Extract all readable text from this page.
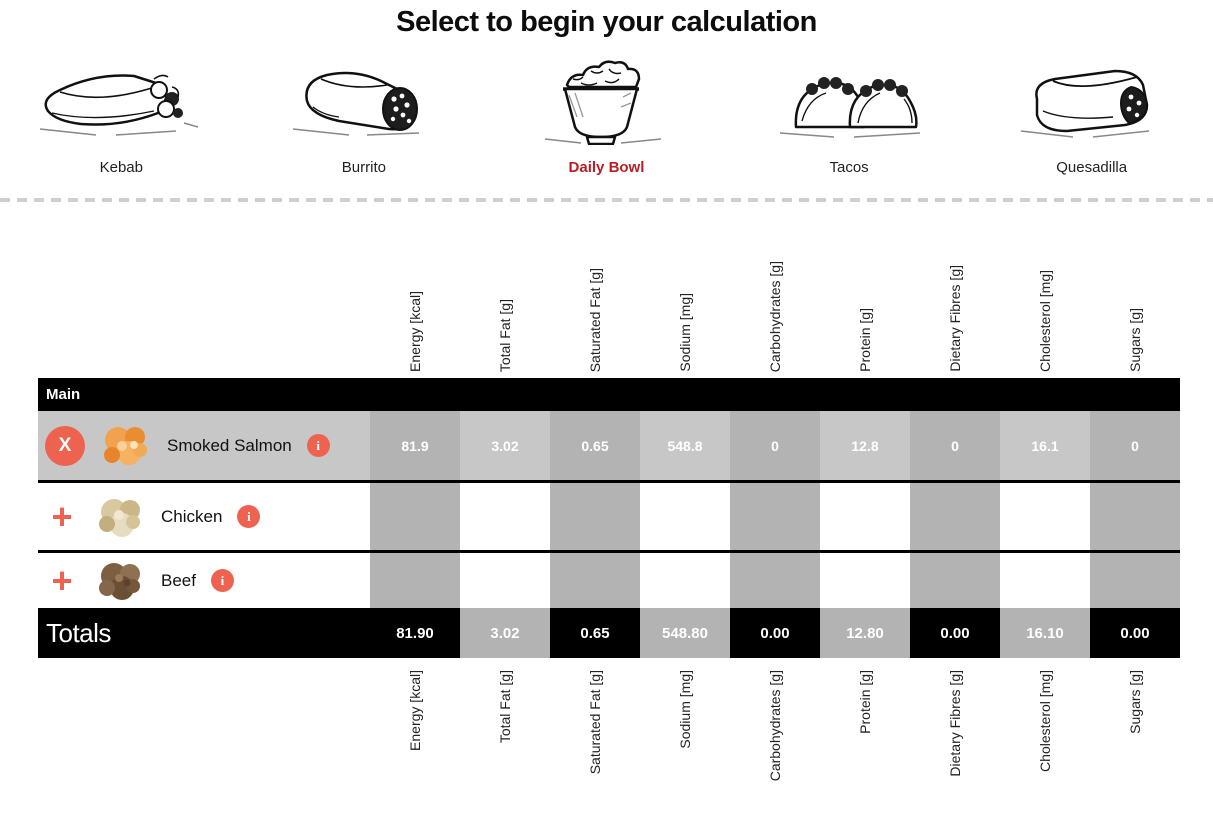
Select to begin your calculation
Kebab	Burrito	Daily Bowl	Tacos	Quesadilla
Energy [kcal]	Total Fat [g]	Saturated Fat [g]	Sodium [mg]	Carbohydrates [g]	Protein [g]	Dietary Fibres [g]	Cholesterol [mg]	Sugars [g]
Main
X	Smoked Salmon	i	81.9	3.02	0.65	548.8	0	12.8	0	16.1	0
+	Chicken	i
+	Beef	i
Totals	81.90	3.02	0.65	548.80	0.00	12.80	0.00	16.10	0.00
Energy [kcal]	Total Fat [g]	Saturated Fat [g]	Sodium [mg]	Carbohydrates [g]	Protein [g]	Dietary Fibres [g]	Cholesterol [mg]	Sugars [g]
